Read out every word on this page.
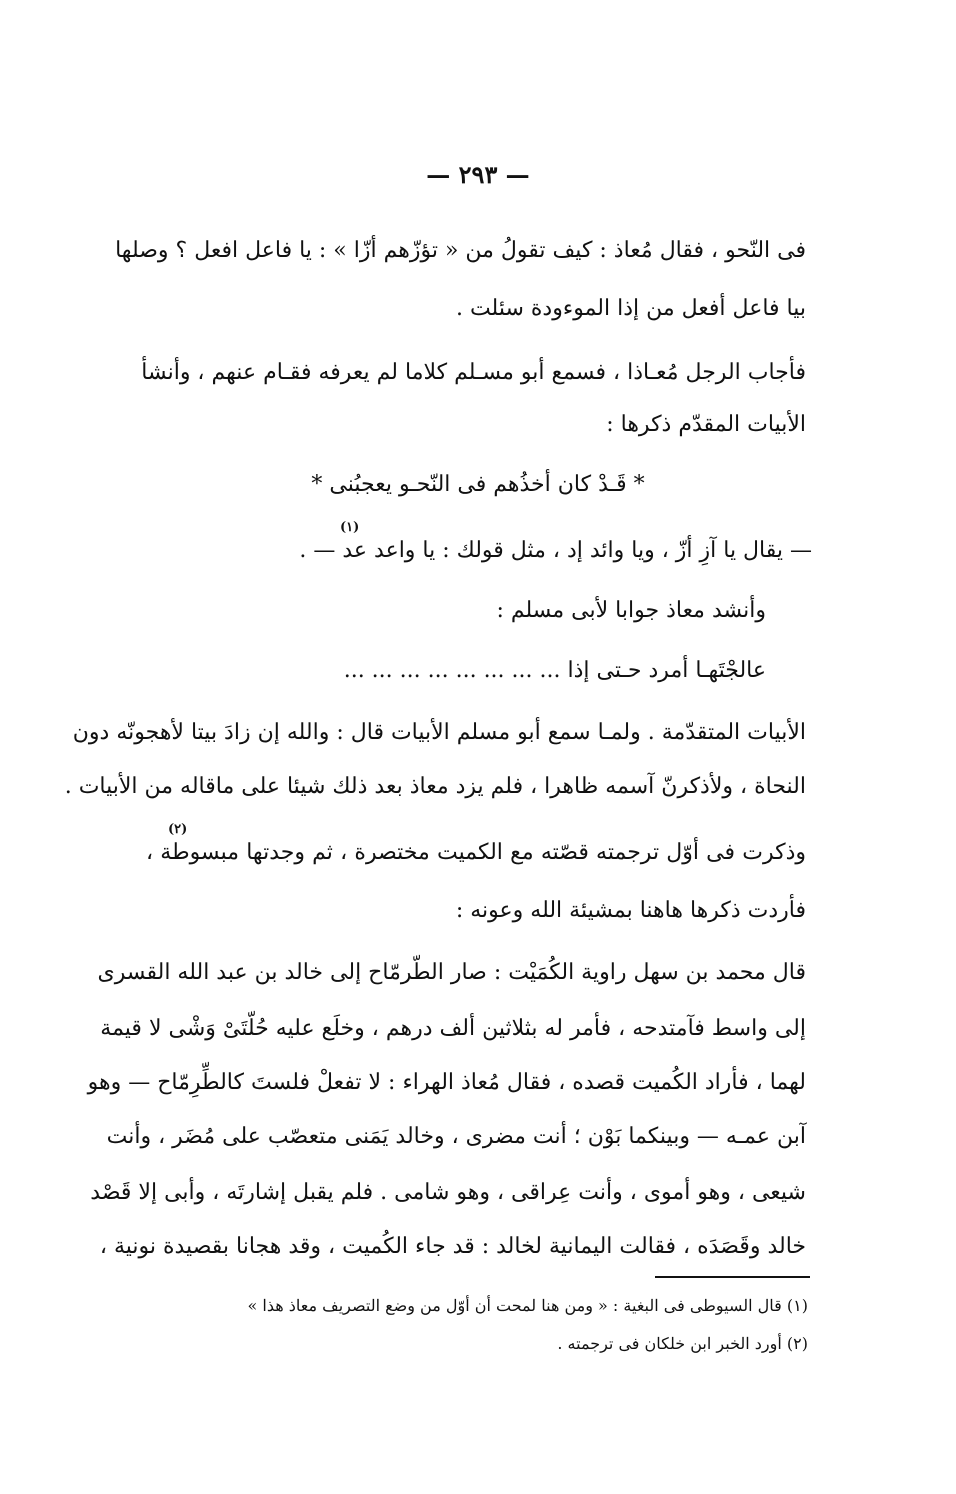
— ٢٩٣ —
فى النّحو ، فقال مُعاذ : كيف تقولُ من « تؤزّهم أزّا » : يا فاعل افعل ؟ وصلها
بيا فاعل أفعل من إذا الموءودة سئلت .
فأجاب الرجل مُعـاذا ، فسمع أبو مسـلم كلاما لم يعرفه فقـام عنهم ، وأنشأ
الأبيات المقدّم ذكرها :
* قَـدْ كان أخذُهم فى النّحـو يعجبُنى *
(١)
— يقال يا آزِ أزّ ، ويا وائد إد ، مثل قولك : يا واعد عد — .
وأنشد معاذ جوابا لأبى مسلم :
عالجْتَهـا أمرد حـتى إذا ... ... ... ... ... ... ... ...
الأبيات المتقدّمة . ولمـا سمع أبو مسلم الأبيات قال : والله إن زادَ بيتا لأهجونّه دون
النحاة ، ولأذكرنّ آسمه ظاهرا ، فلم يزد معاذ بعد ذلك شيئا على ماقاله من الأبيات .
(٢)
وذكرت فى أوّل ترجمته قصّته مع الكميت مختصرة ، ثم وجدتها مبسوطة ،
فأردت ذكرها هاهنا بمشيئة الله وعونه :
قال محمد بن سهل راوية الكُمَيْت : صار الطّرمّاح إلى خالد بن عبد الله القسرى
إلى واسط فآمتدحه ، فأمر له بثلاثين ألف درهم ، وخلَع عليه حُلّتَىْ وَشْى لا قيمة
لهما ، فأراد الكُميت قصده ، فقال مُعاذ الهراء : لا تفعلْ فلستَ كالطِّرِمّاح — وهو
آبن عمـه — وبينكما بَوْن ؛ أنت مضرى ، وخالد يَمَنى متعصّب على مُضَر ، وأنت
شيعى ، وهو أموى ، وأنت عِراقى ، وهو شامى . فلم يقبل إشارتَه ، وأبى إلا قَصْد
خالد وقَصَدَه ، فقالت اليمانية لخالد : قد جاء الكُميت ، وقد هجانا بقصيدة نونية ،
(١) قال السيوطى فى البغية : « ومن هنا لمحت أن أوّل من وضع التصريف معاذ هذا »
(٢) أورد الخبر ابن خلكان فى ترجمته .
